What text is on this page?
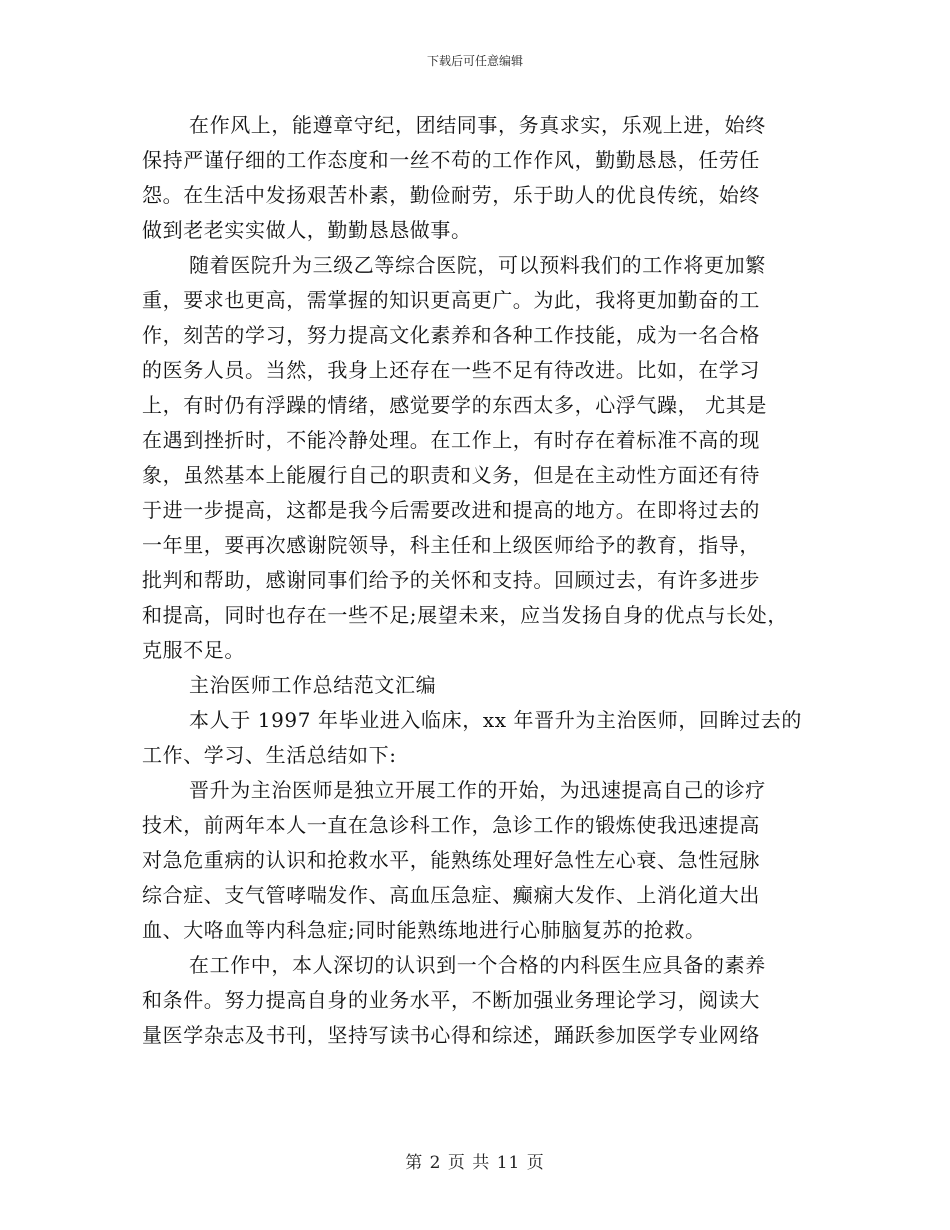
下载后可任意编辑
在作风上，能遵章守纪，团结同事，务真求实，乐观上进，始终
保持严谨仔细的工作态度和一丝不苟的工作作风，勤勤恳恳，任劳任
怨。在生活中发扬艰苦朴素，勤俭耐劳，乐于助人的优良传统，始终
做到老老实实做人，勤勤恳恳做事。
随着医院升为三级乙等综合医院，可以预料我们的工作将更加繁
重，要求也更高，需掌握的知识更高更广。为此，我将更加勤奋的工
作，刻苦的学习，努力提高文化素养和各种工作技能，成为一名合格
的医务人员。当然，我身上还存在一些不足有待改进。比如，在学习
上，有时仍有浮躁的情绪，感觉要学的东西太多，心浮气躁， 尤其是
在遇到挫折时，不能冷静处理。在工作上，有时存在着标准不高的现
象，虽然基本上能履行自己的职责和义务，但是在主动性方面还有待
于进一步提高，这都是我今后需要改进和提高的地方。在即将过去的
一年里，要再次感谢院领导，科主任和上级医师给予的教育，指导，
批判和帮助，感谢同事们给予的关怀和支持。回顾过去，有许多进步
和提高，同时也存在一些不足;展望未来，应当发扬自身的优点与长处，
克服不足。
主治医师工作总结范文汇编
本人于 1997 年毕业进入临床，xx 年晋升为主治医师，回眸过去的
工作、学习、生活总结如下:
晋升为主治医师是独立开展工作的开始，为迅速提高自己的诊疗
技术，前两年本人一直在急诊科工作，急诊工作的锻炼使我迅速提高
对急危重病的认识和抢救水平，能熟练处理好急性左心衰、急性冠脉
综合症、支气管哮喘发作、高血压急症、癫痫大发作、上消化道大出
血、大咯血等内科急症;同时能熟练地进行心肺脑复苏的抢救。
在工作中，本人深切的认识到一个合格的内科医生应具备的素养
和条件。努力提高自身的业务水平，不断加强业务理论学习，阅读大
量医学杂志及书刊，坚持写读书心得和综述，踊跃参加医学专业网络
第 2 页 共 11 页
